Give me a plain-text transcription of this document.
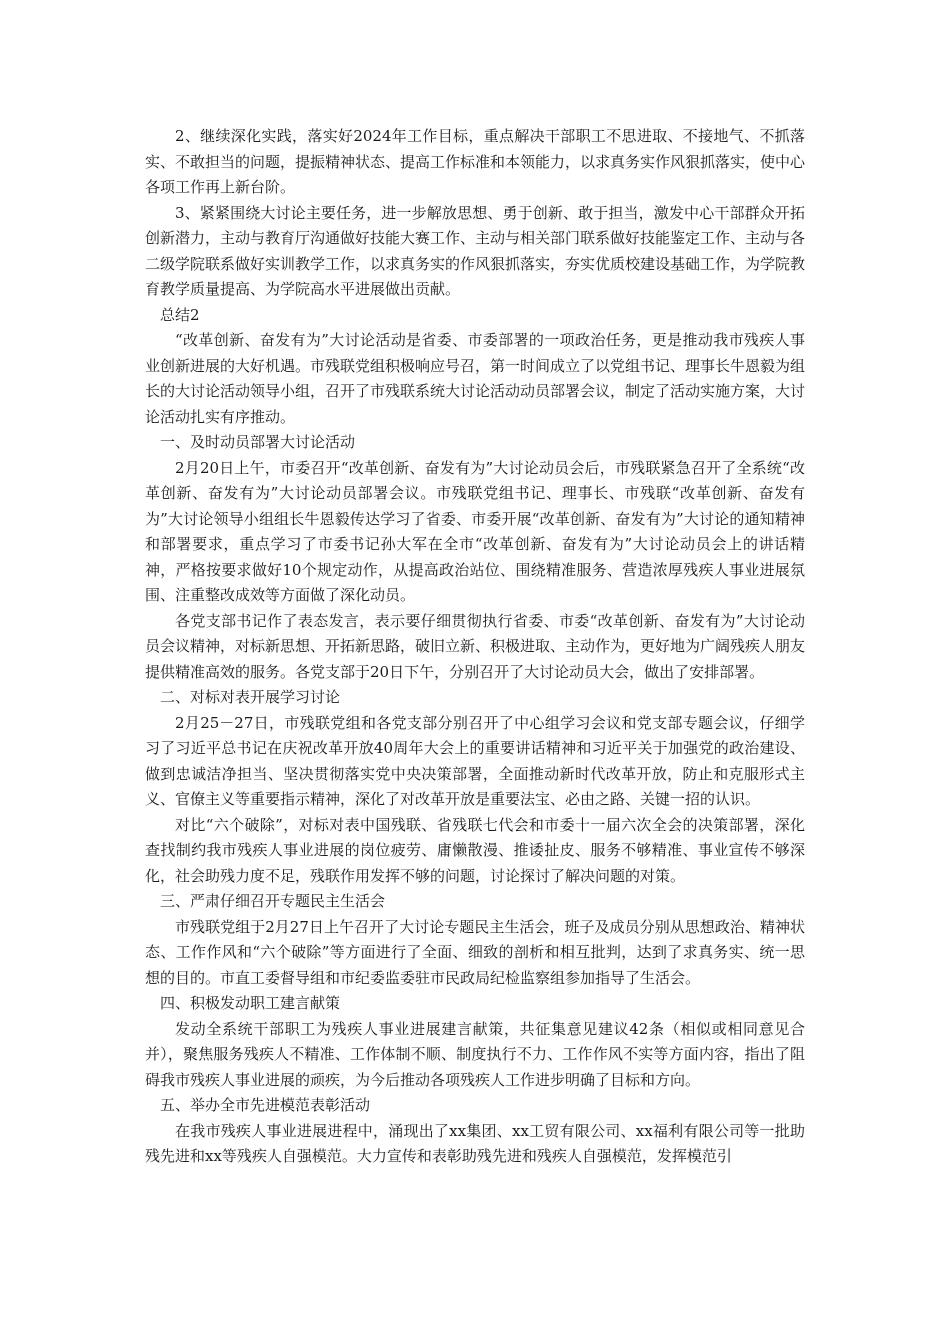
2、继续深化实践，落实好2024年工作目标，重点解决干部职工不思进取、不接地气、不抓落实、不敢担当的问题，提振精神状态、提高工作标准和本领能力，以求真务实作风狠抓落实，使中心各项工作再上新台阶。

3、紧紧围绕大讨论主要任务，进一步解放思想、勇于创新、敢于担当，激发中心干部群众开拓创新潜力，主动与教育厅沟通做好技能大赛工作、主动与相关部门联系做好技能鉴定工作、主动与各二级学院联系做好实训教学工作，以求真务实的作风狠抓落实，夯实优质校建设基础工作，为学院教育教学质量提高、为学院高水平进展做出贡献。

总结2

“改革创新、奋发有为”大讨论活动是省委、市委部署的一项政治任务，更是推动我市残疾人事业创新进展的大好机遇。市残联党组积极响应号召，第一时间成立了以党组书记、理事长牛恩毅为组长的大讨论活动领导小组，召开了市残联系统大讨论活动动员部署会议，制定了活动实施方案，大讨论活动扎实有序推动。

一、及时动员部署大讨论活动

2月20日上午，市委召开“改革创新、奋发有为”大讨论动员会后，市残联紧急召开了全系统“改革创新、奋发有为”大讨论动员部署会议。市残联党组书记、理事长、市残联“改革创新、奋发有为”大讨论领导小组组长牛恩毅传达学习了省委、市委开展“改革创新、奋发有为”大讨论的通知精神和部署要求，重点学习了市委书记孙大军在全市“改革创新、奋发有为”大讨论动员会上的讲话精神，严格按要求做好10个规定动作，从提高政治站位、围绕精准服务、营造浓厚残疾人事业进展氛围、注重整改成效等方面做了深化动员。

各党支部书记作了表态发言，表示要仔细贯彻执行省委、市委“改革创新、奋发有为”大讨论动员会议精神，对标新思想、开拓新思路，破旧立新、积极进取、主动作为，更好地为广阔残疾人朋友提供精准高效的服务。各党支部于20日下午，分别召开了大讨论动员大会，做出了安排部署。

二、对标对表开展学习讨论

2月25－27日，市残联党组和各党支部分别召开了中心组学习会议和党支部专题会议，仔细学习了习近平总书记在庆祝改革开放40周年大会上的重要讲话精神和习近平关于加强党的政治建设、做到忠诚洁净担当、坚决贯彻落实党中央决策部署，全面推动新时代改革开放，防止和克服形式主义、官僚主义等重要指示精神，深化了对改革开放是重要法宝、必由之路、关键一招的认识。

对比“六个破除”，对标对表中国残联、省残联七代会和市委十一届六次全会的决策部署，深化查找制约我市残疾人事业进展的岗位疲劳、庸懒散漫、推诿扯皮、服务不够精准、事业宣传不够深化，社会助残力度不足，残联作用发挥不够的问题，讨论探讨了解决问题的对策。

三、严肃仔细召开专题民主生活会

市残联党组于2月27日上午召开了大讨论专题民主生活会，班子及成员分别从思想政治、精神状态、工作作风和“六个破除”等方面进行了全面、细致的剖析和相互批判，达到了求真务实、统一思想的目的。市直工委督导组和市纪委监委驻市民政局纪检监察组参加指导了生活会。

四、积极发动职工建言献策

发动全系统干部职工为残疾人事业进展建言献策，共征集意见建议42条（相似或相同意见合并），聚焦服务残疾人不精准、工作体制不顺、制度执行不力、工作作风不实等方面内容，指出了阻碍我市残疾人事业进展的顽疾，为今后推动各项残疾人工作进步明确了目标和方向。

五、举办全市先进模范表彰活动

在我市残疾人事业进展进程中，涌现出了xx集团、xx工贸有限公司、xx福利有限公司等一批助残先进和xx等残疾人自强模范。大力宣传和表彰助残先进和残疾人自强模范，发挥模范引
